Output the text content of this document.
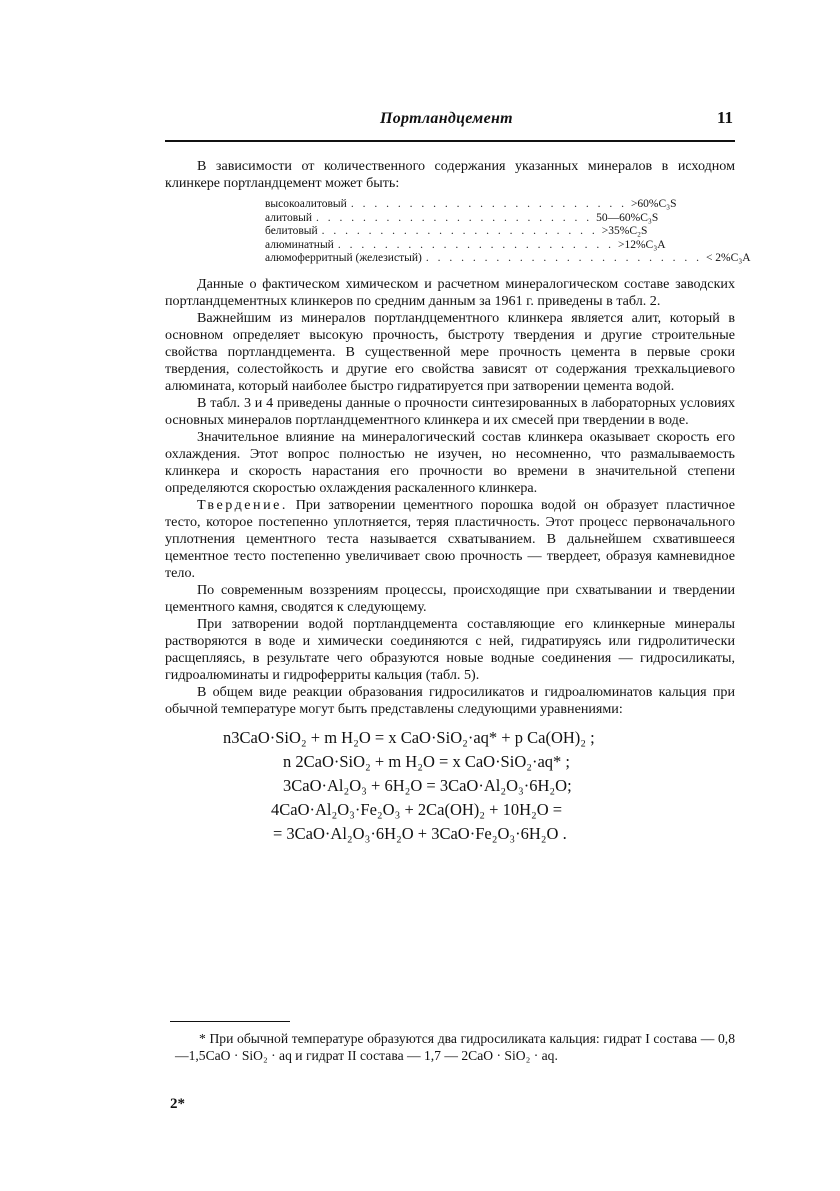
Портландцемент	11

В зависимости от количественного содержания указанных минералов в исходном клинкере портландцемент может быть:

высокоалитовый . . . . . . . . . . . . . . . . . . . . . . . . >60%C₃S
алитовый . . . . . . . . . . . . . . . . . . . . . . . . 50—60%C₃S
белитовый . . . . . . . . . . . . . . . . . . . . . . . . >35%C₂S
алюминатный . . . . . . . . . . . . . . . . . . . . . . . . >12%C₃A
алюмоферритный (железистый) . . . . . . . . . . . . . . . . . . . . . . . . < 2%C₃A

Данные о фактическом химическом и расчетном минералогическом составе заводских портландцементных клинкеров по средним данным за 1961 г. приведены в табл. 2.

Важнейшим из минералов портландцементного клинкера является алит, который в основном определяет высокую прочность, быстроту твердения и другие строительные свойства портландцемента. В существенной мере прочность цемента в первые сроки твердения, солестойкость и другие его свойства зависят от содержания трехкальциевого алюмината, который наиболее быстро гидратируется при затворении цемента водой.

В табл. 3 и 4 приведены данные о прочности синтезированных в лабораторных условиях основных минералов портландцементного клинкера и их смесей при твердении в воде.

Значительное влияние на минералогический состав клинкера оказывает скорость его охлаждения. Этот вопрос полностью не изучен, но несомненно, что размалываемость клинкера и скорость нарастания его прочности во времени в значительной степени определяются скоростью охлаждения раскаленного клинкера.

Твердение. При затворении цементного порошка водой он образует пластичное тесто, которое постепенно уплотняется, теряя пластичность. Этот процесс первоначального уплотнения цементного теста называется схватыванием. В дальнейшем схватившееся цементное тесто постепенно увеличивает свою прочность — твердеет, образуя камневидное тело.

По современным воззрениям процессы, происходящие при схватывании и твердении цементного камня, сводятся к следующему.

При затворении водой портландцемента составляющие его клинкерные минералы растворяются в воде и химически соединяются с ней, гидратируясь или гидролитически расщепляясь, в результате чего образуются новые водные соединения — гидросиликаты, гидроалюминаты и гидроферриты кальция (табл. 5).

В общем виде реакции образования гидросиликатов и гидроалюминатов кальция при обычной температуре могут быть представлены следующими уравнениями:

n3CaO·SiO₂ + m H₂O = x CaO·SiO₂·aq* + p Ca(OH)₂ ;
n 2CaO·SiO₂ + m H₂O = x CaO·SiO₂·aq* ;
3CaO·Al₂O₃ + 6H₂O = 3CaO·Al₂O₃·6H₂O;
4CaO·Al₂O₃·Fe₂O₃ + 2Ca(OH)₂ + 10H₂O =
= 3CaO·Al₂O₃·6H₂O + 3CaO·Fe₂O₃·6H₂O .

* При обычной температуре образуются два гидросиликата кальция: гидрат I состава — 0,8—1,5CaO · SiO₂ · aq и гидрат II состава — 1,7 — 2CaO · SiO₂ · aq.

2*
